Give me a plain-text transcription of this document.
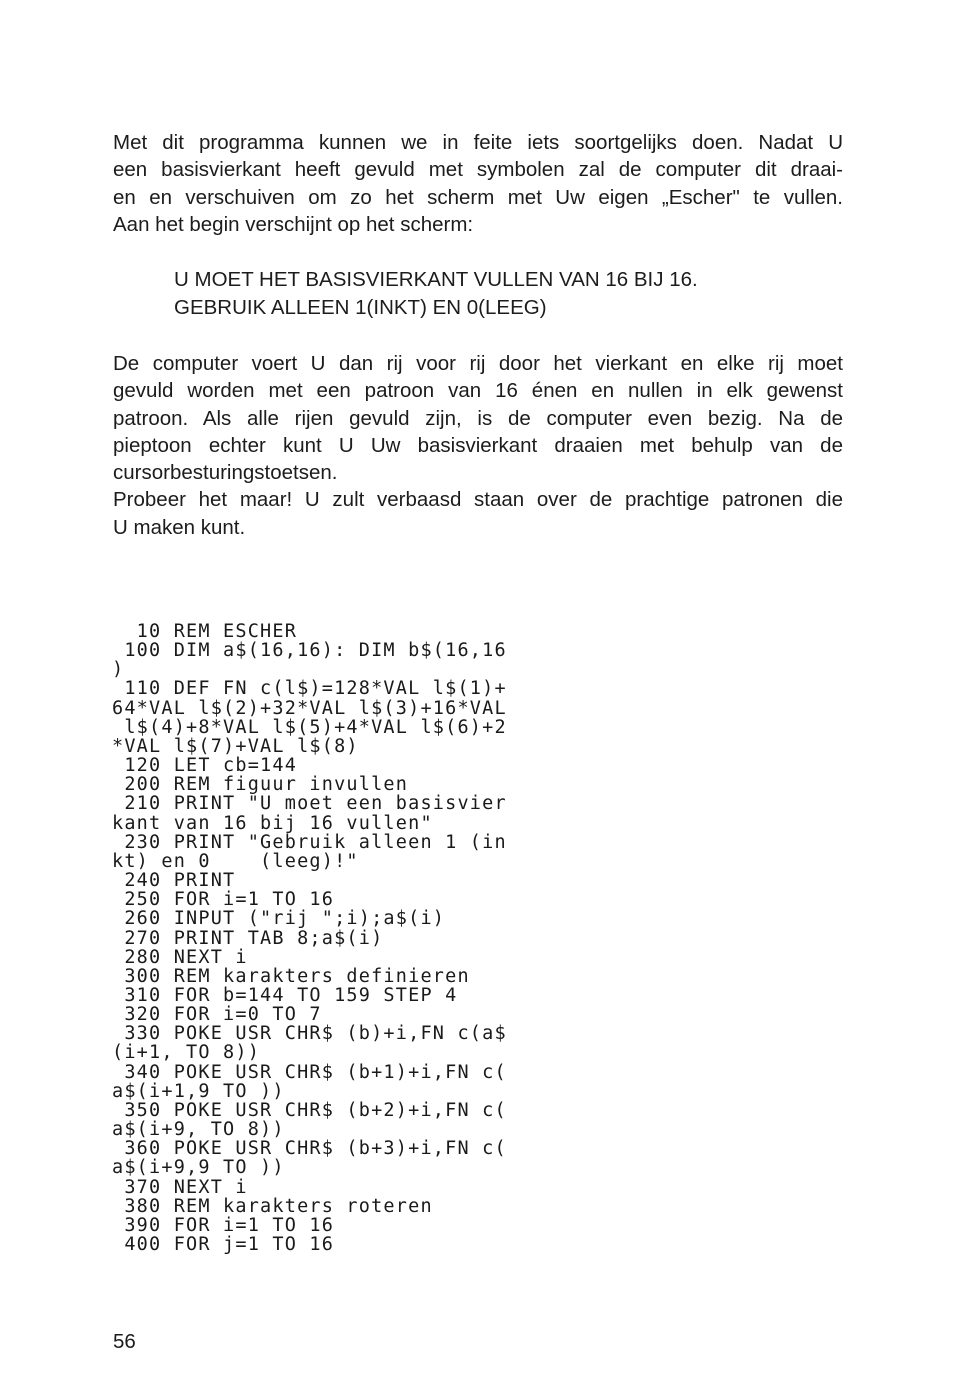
Met dit programma kunnen we in feite iets soortgelijks doen. Nadat U
een basisvierkant heeft gevuld met symbolen zal de computer dit draai-
en en verschuiven om zo het scherm met Uw eigen „Escher" te vullen.
Aan het begin verschijnt op het scherm:
U MOET HET BASISVIERKANT VULLEN VAN 16 BIJ 16.
GEBRUIK ALLEEN 1(INKT) EN 0(LEEG)
De computer voert U dan rij voor rij door het vierkant en elke rij moet
gevuld worden met een patroon van 16 énen en nullen in elk gewenst
patroon. Als alle rijen gevuld zijn, is de computer even bezig. Na de
pieptoon echter kunt U Uw basisvierkant draaien met behulp van de
cursorbesturingstoetsen.
Probeer het maar! U zult verbaasd staan over de prachtige patronen die
U maken kunt.
10 REM ESCHER
100 DIM a$(16,16): DIM b$(16,16
)
110 DEF FN c(l$)=128*VAL l$(1)+
64*VAL l$(2)+32*VAL l$(3)+16*VAL
l$(4)+8*VAL l$(5)+4*VAL l$(6)+2
*VAL l$(7)+VAL l$(8)
120 LET cb=144
200 REM figuur invullen
210 PRINT "U moet een basisvier
kant van 16 bij 16 vullen"
230 PRINT "Gebruik alleen 1 (in
kt) en 0    (leeg)!"
240 PRINT
250 FOR i=1 TO 16
260 INPUT ("rij ";i);a$(i)
270 PRINT TAB 8;a$(i)
280 NEXT i
300 REM karakters definieren
310 FOR b=144 TO 159 STEP 4
320 FOR i=0 TO 7
330 POKE USR CHR$ (b)+i,FN c(a$
(i+1, TO 8))
340 POKE USR CHR$ (b+1)+i,FN c(
a$(i+1,9 TO ))
350 POKE USR CHR$ (b+2)+i,FN c(
a$(i+9, TO 8))
360 POKE USR CHR$ (b+3)+i,FN c(
a$(i+9,9 TO ))
370 NEXT i
380 REM karakters roteren
390 FOR i=1 TO 16
400 FOR j=1 TO 16

56
